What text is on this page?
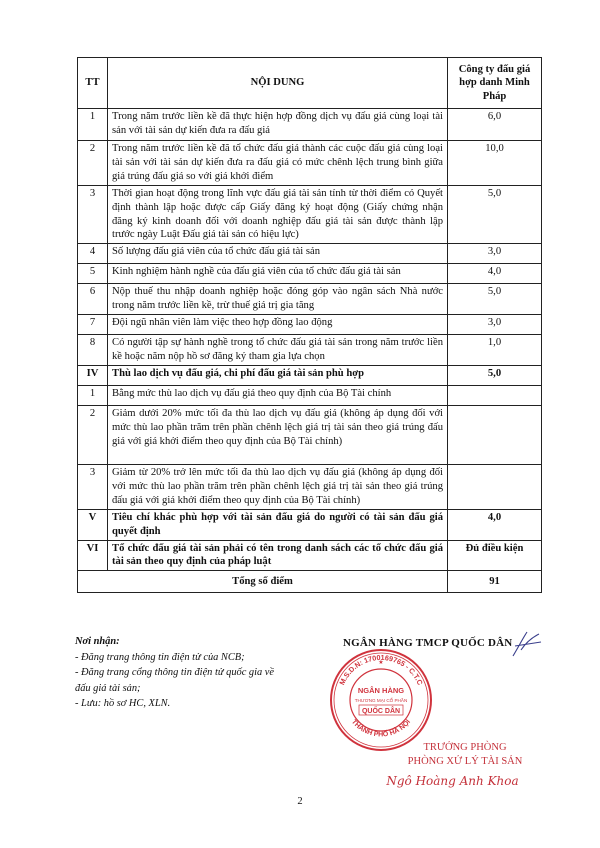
TT	NỘI DUNG	Công ty đấu giá hợp danh Minh Pháp
1	Trong năm trước liền kề đã thực hiện hợp đồng dịch vụ đấu giá cùng loại tài sản với tài sản dự kiến đưa ra đấu giá	6,0
2	Trong năm trước liền kề đã tổ chức đấu giá thành các cuộc đấu giá cùng loại tài sản với tài sản dự kiến đưa ra đấu giá có mức chênh lệch trung bình giữa giá trúng đấu giá so với giá khởi điểm	10,0
3	Thời gian hoạt động trong lĩnh vực đấu giá tài sản tính từ thời điểm có Quyết định thành lập hoặc được cấp Giấy đăng ký hoạt động (Giấy chứng nhận đăng ký kinh doanh đối với doanh nghiệp đấu giá tài sản được thành lập trước ngày Luật Đấu giá tài sản có hiệu lực)	5,0
4	Số lượng đấu giá viên của tổ chức đấu giá tài sản	3,0
5	Kinh nghiệm hành nghề của đấu giá viên của tổ chức đấu giá tài sản	4,0
6	Nộp thuế thu nhập doanh nghiệp hoặc đóng góp vào ngân sách Nhà nước trong năm trước liền kề, trừ thuế giá trị gia tăng	5,0
7	Đội ngũ nhân viên làm việc theo hợp đồng lao động	3,0
8	Có người tập sự hành nghề trong tổ chức đấu giá tài sản trong năm trước liền kề hoặc năm nộp hồ sơ đăng ký tham gia lựa chọn	1,0
IV	Thù lao dịch vụ đấu giá, chi phí đấu giá tài sản phù hợp	5,0
1	Bằng mức thù lao dịch vụ đấu giá theo quy định của Bộ Tài chính	
2	Giảm dưới 20% mức tối đa thù lao dịch vụ đấu giá (không áp dụng đối với mức thù lao phần trăm trên phần chênh lệch giá trị tài sản theo giá trúng đấu giá với giá khởi điểm theo quy định của Bộ Tài chính)	
3	Giảm từ 20% trở lên mức tối đa thù lao dịch vụ đấu giá (không áp dụng đối với mức thù lao phần trăm trên phần chênh lệch giá trị tài sản theo giá trúng đấu giá với giá khởi điểm theo quy định của Bộ Tài chính)	
V	Tiêu chí khác phù hợp với tài sản đấu giá do người có tài sản đấu giá quyết định	4,0
VI	Tổ chức đấu giá tài sản phải có tên trong danh sách các tổ chức đấu giá tài sản theo quy định của pháp luật	Đủ điều kiện
Tổng số điểm		91
Nơi nhận:
- Đăng trang thông tin điện tử của NCB;
- Đăng trang cổng thông tin điện tử quốc gia về đấu giá tài sản;
- Lưu: hồ sơ HC, XLN.
NGÂN HÀNG TMCP QUỐC DÂN
M.S.D.N: 1700169765 - C.T.C
THÀNH PHỐ HÀ NỘI
NGÂN HÀNG
THƯƠNG MẠI CỔ PHẦN
QUỐC DÂN
★
TRƯỞNG PHÒNG
PHÒNG XỬ LÝ TÀI SẢN
Ngô Hoàng Anh Khoa
2
